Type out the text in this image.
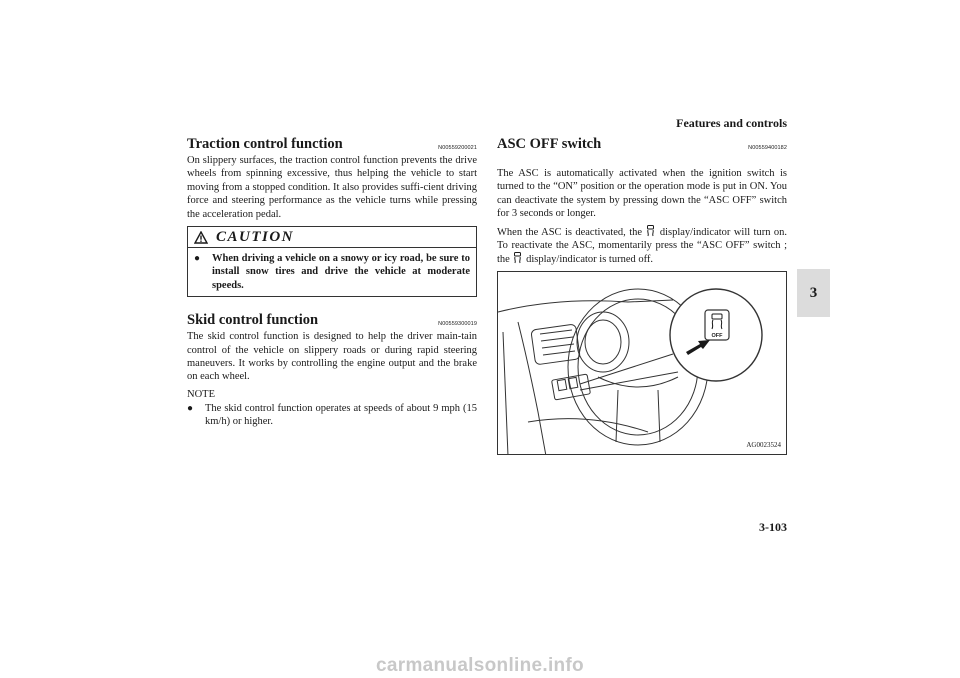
Features and controls
3
Traction control function	N00559200021

On slippery surfaces, the traction control function prevents the drive wheels from spinning excessive, thus helping the vehicle to start moving from a stopped condition. It also provides suffi-cient driving force and steering performance as the vehicle turns while pressing the acceleration pedal.

CAUTION
●	When driving a vehicle on a snowy or icy road, be sure to install snow tires and drive the vehicle at moderate speeds.
Skid control function	N00559300019

The skid control function is designed to help the driver main-tain control of the vehicle on slippery roads or during rapid steering maneuvers. It works by controlling the engine output and the brake on each wheel.

NOTE
●	The skid control function operates at speeds of about 9 mph (15 km/h) or higher.
ASC OFF switch	N00559400182

The ASC is automatically activated when the ignition switch is turned to the “ON” position or the operation mode is put in ON. You can deactivate the system by pressing down the “ASC OFF” switch for 3 seconds or longer.

When the ASC is deactivated, the display/indicator will turn on. To reactivate the ASC, momentarily press the “ASC OFF” switch ; the display/indicator is turned off.

OFF
AG0023524
3-103
carmanualsonline.info
